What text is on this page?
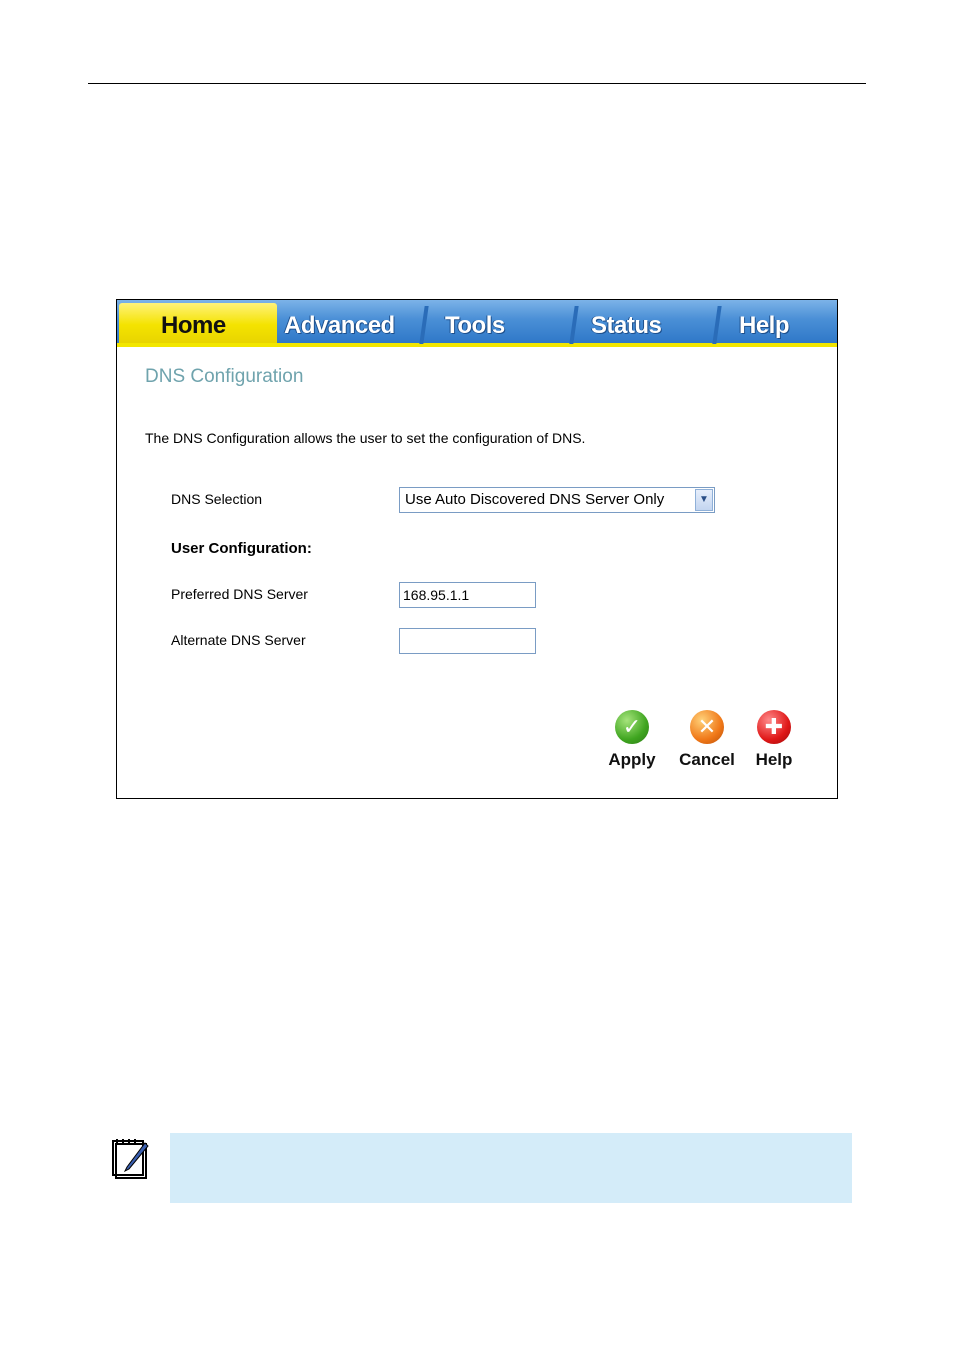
Home	Advanced	Tools	Status	Help
DNS Configuration
The DNS Configuration allows the user to set the configuration of DNS.
DNS Selection	Use Auto Discovered DNS Server Only	▼
User Configuration:
Preferred DNS Server	168.95.1.1
Alternate DNS Server
✓
Apply
✕
Cancel
✚
Help
